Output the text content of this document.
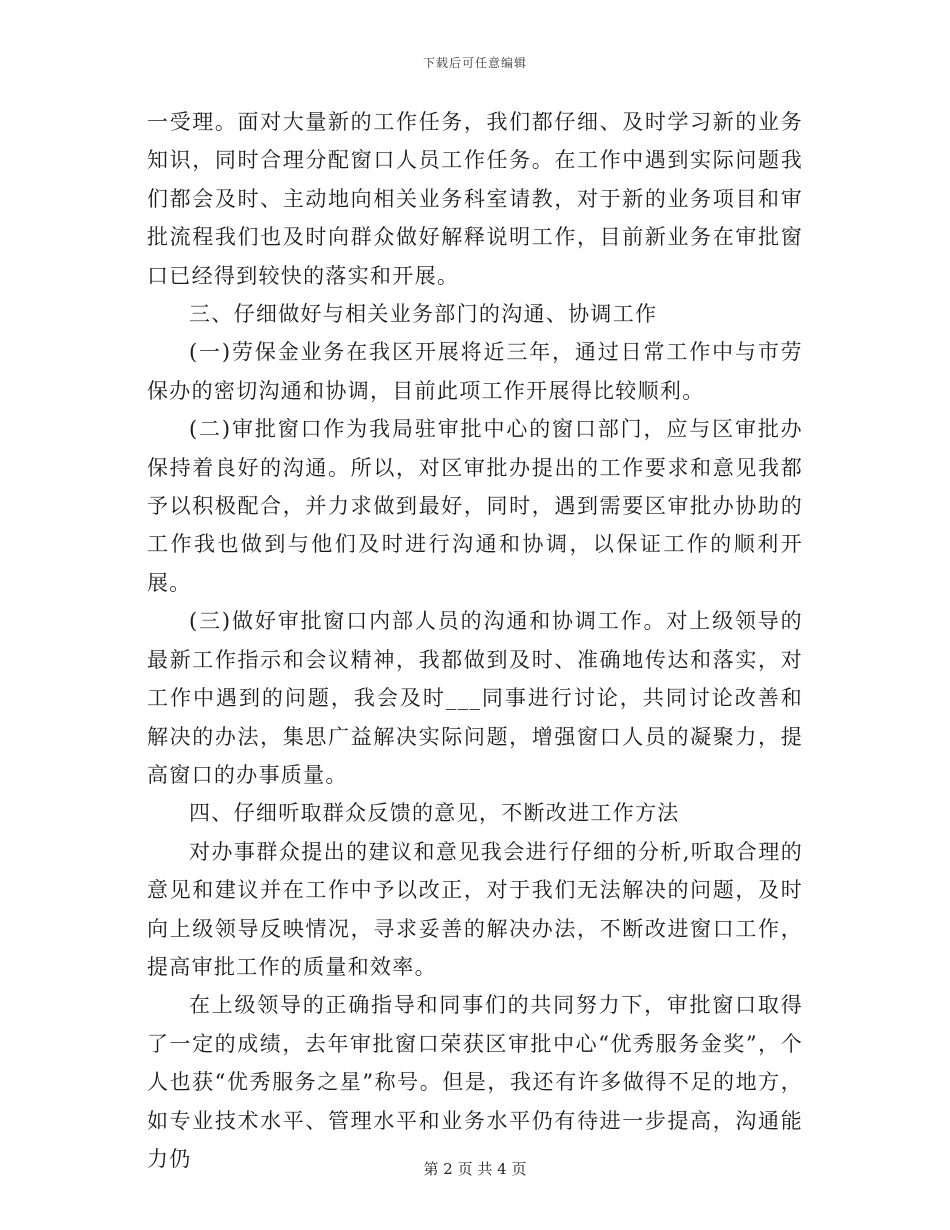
下载后可任意编辑

一受理。面对大量新的工作任务，我们都仔细、及时学习新的业务知识，同时合理分配窗口人员工作任务。在工作中遇到实际问题我们都会及时、主动地向相关业务科室请教，对于新的业务项目和审批流程我们也及时向群众做好解释说明工作，目前新业务在审批窗口已经得到较快的落实和开展。

三、仔细做好与相关业务部门的沟通、协调工作

(一)劳保金业务在我区开展将近三年，通过日常工作中与市劳保办的密切沟通和协调，目前此项工作开展得比较顺利。

(二)审批窗口作为我局驻审批中心的窗口部门，应与区审批办保持着良好的沟通。所以，对区审批办提出的工作要求和意见我都予以积极配合，并力求做到最好，同时，遇到需要区审批办协助的工作我也做到与他们及时进行沟通和协调，以保证工作的顺利开展。

(三)做好审批窗口内部人员的沟通和协调工作。对上级领导的最新工作指示和会议精神，我都做到及时、准确地传达和落实，对工作中遇到的问题，我会及时___同事进行讨论，共同讨论改善和解决的办法，集思广益解决实际问题，增强窗口人员的凝聚力，提高窗口的办事质量。

四、仔细听取群众反馈的意见，不断改进工作方法

对办事群众提出的建议和意见我会进行仔细的分析,听取合理的意见和建议并在工作中予以改正，对于我们无法解决的问题，及时向上级领导反映情况，寻求妥善的解决办法，不断改进窗口工作，提高审批工作的质量和效率。

在上级领导的正确指导和同事们的共同努力下，审批窗口取得了一定的成绩，去年审批窗口荣获区审批中心“优秀服务金奖”，个人也获“优秀服务之星”称号。但是，我还有许多做得不足的地方，如专业技术水平、管理水平和业务水平仍有待进一步提高，沟通能力仍	第 2 页 共 4 页
